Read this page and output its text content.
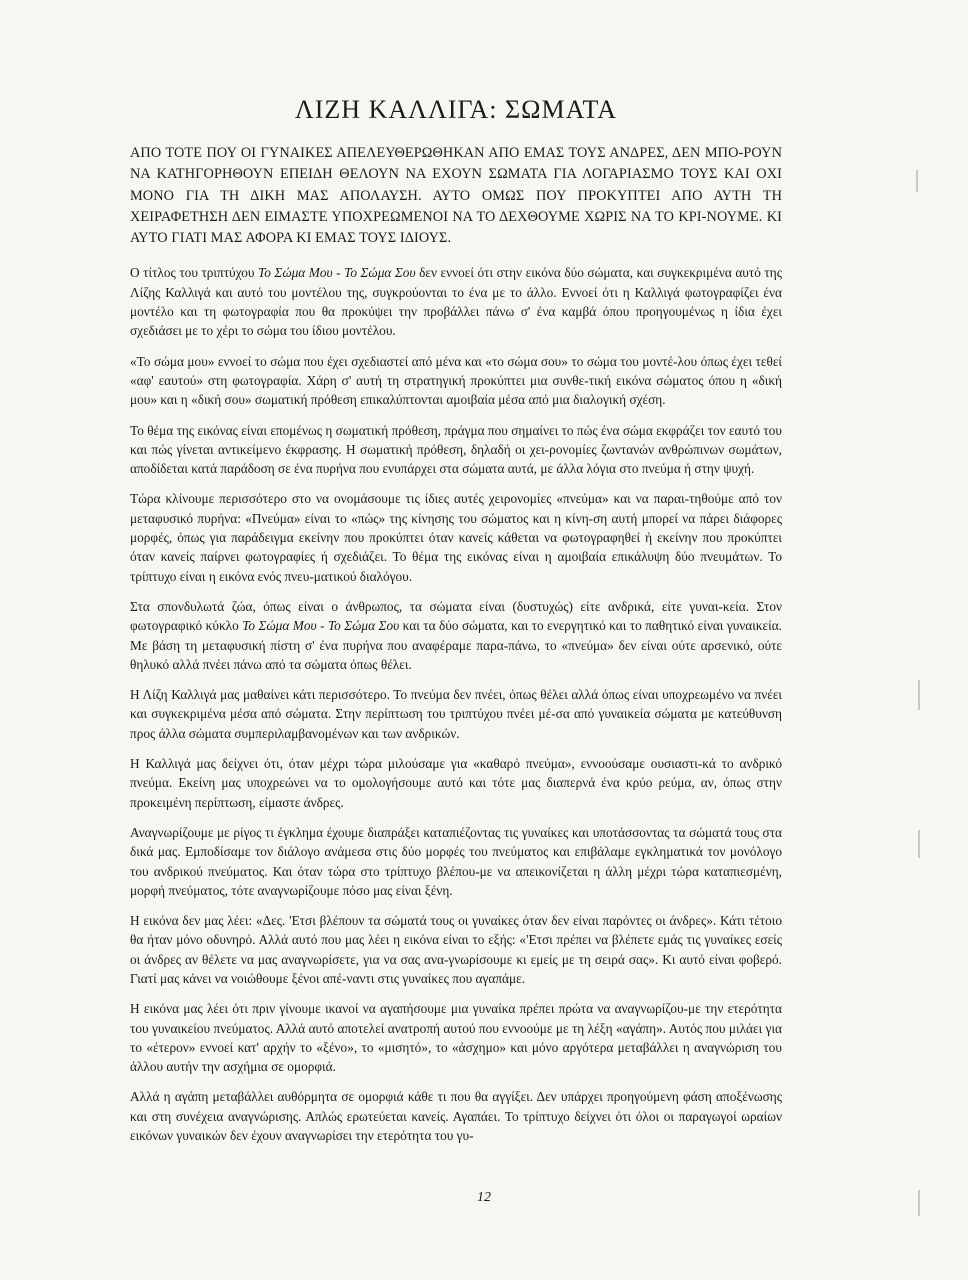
ΛΙΖΗ ΚΑΛΛΙΓΑ: ΣΩΜΑΤΑ

ΑΠΟ ΤΟΤΕ ΠΟΥ ΟΙ ΓΥΝΑΙΚΕΣ ΑΠΕΛΕΥΘΕΡΩΘΗΚΑΝ ΑΠΟ ΕΜΑΣ ΤΟΥΣ ΑΝΔΡΕΣ, ΔΕΝ ΜΠΟ-ΡΟΥΝ ΝΑ ΚΑΤΗΓΟΡΗΘΟΥΝ ΕΠΕΙΔΗ ΘΕΛΟΥΝ ΝΑ ΕΧΟΥΝ ΣΩΜΑΤΑ ΓΙΑ ΛΟΓΑΡΙΑΣΜΟ ΤΟΥΣ ΚΑΙ ΟΧΙ ΜΟΝΟ ΓΙΑ ΤΗ ΔΙΚΗ ΜΑΣ ΑΠΟΛΑΥΣΗ. ΑΥΤΟ ΟΜΩΣ ΠΟΥ ΠΡΟΚΥΠΤΕΙ ΑΠΟ ΑΥΤΗ ΤΗ ΧΕΙΡΑΦΕΤΗΣΗ ΔΕΝ ΕΙΜΑΣΤΕ ΥΠΟΧΡΕΩΜΕΝΟΙ ΝΑ ΤΟ ΔΕΧΘΟΥΜΕ ΧΩΡΙΣ ΝΑ ΤΟ ΚΡΙ-ΝΟΥΜΕ. ΚΙ ΑΥΤΟ ΓΙΑΤΙ ΜΑΣ ΑΦΟΡΑ ΚΙ ΕΜΑΣ ΤΟΥΣ ΙΔΙΟΥΣ.

Ο τίτλος του τριπτύχου Το Σώμα Μου - Το Σώμα Σου δεν εννοεί ότι στην εικόνα δύο σώματα, και συγκεκριμένα αυτό της Λίζης Καλλιγά και αυτό του μοντέλου της, συγκρούονται το ένα με το άλλο. Εννοεί ότι η Καλλιγά φωτογραφίζει ένα μοντέλο και τη φωτογραφία που θα προκύψει την προβάλλει πάνω σ' ένα καμβά όπου προηγουμένως η ίδια έχει σχεδιάσει με το χέρι το σώμα του ίδιου μοντέλου.

«Το σώμα μου» εννοεί το σώμα που έχει σχεδιαστεί από μένα και «το σώμα σου» το σώμα του μοντέ-λου όπως έχει τεθεί «αφ' εαυτού» στη φωτογραφία. Χάρη σ' αυτή τη στρατηγική προκύπτει μια συνθε-τική εικόνα σώματος όπου η «δική μου» και η «δική σου» σωματική πρόθεση επικαλύπτονται αμοιβαία μέσα από μια διαλογική σχέση.

Το θέμα της εικόνας είναι επομένως η σωματική πρόθεση, πράγμα που σημαίνει το πώς ένα σώμα εκφράζει τον εαυτό του και πώς γίνεται αντικείμενο έκφρασης. Η σωματική πρόθεση, δηλαδή οι χει-ρονομίες ζωντανών ανθρώπινων σωμάτων, αποδίδεται κατά παράδοση σε ένα πυρήνα που ενυπάρχει στα σώματα αυτά, με άλλα λόγια στο πνεύμα ή στην ψυχή.

Τώρα κλίνουμε περισσότερο στο να ονομάσουμε τις ίδιες αυτές χειρονομίες «πνεύμα» και να παραι-τηθούμε από τον μεταφυσικό πυρήνα: «Πνεύμα» είναι το «πώς» της κίνησης του σώματος και η κίνη-ση αυτή μπορεί να πάρει διάφορες μορφές, όπως για παράδειγμα εκείνην που προκύπτει όταν κανείς κάθεται να φωτογραφηθεί ή εκείνην που προκύπτει όταν κανείς παίρνει φωτογραφίες ή σχεδιάζει. Το θέμα της εικόνας είναι η αμοιβαία επικάλυψη δύο πνευμάτων. Το τρίπτυχο είναι η εικόνα ενός πνευ-ματικού διαλόγου.

Στα σπονδυλωτά ζώα, όπως είναι ο άνθρωπος, τα σώματα είναι (δυστυχώς) είτε ανδρικά, είτε γυναι-κεία. Στον φωτογραφικό κύκλο Το Σώμα Μου - Το Σώμα Σου και τα δύο σώματα, και το ενεργητικό και το παθητικό είναι γυναικεία. Με βάση τη μεταφυσική πίστη σ' ένα πυρήνα που αναφέραμε παρα-πάνω, το «πνεύμα» δεν είναι ούτε αρσενικό, ούτε θηλυκό αλλά πνέει πάνω από τα σώματα όπως θέλει.

Η Λίζη Καλλιγά μας μαθαίνει κάτι περισσότερο. Το πνεύμα δεν πνέει, όπως θέλει αλλά όπως είναι υποχρεωμένο να πνέει και συγκεκριμένα μέσα από σώματα. Στην περίπτωση του τριπτύχου πνέει μέ-σα από γυναικεία σώματα με κατεύθυνση προς άλλα σώματα συμπεριλαμβανομένων και των ανδρικών.

Η Καλλιγά μας δείχνει ότι, όταν μέχρι τώρα μιλούσαμε για «καθαρό πνεύμα», εννοούσαμε ουσιαστι-κά το ανδρικό πνεύμα. Εκείνη μας υποχρεώνει να το ομολογήσουμε αυτό και τότε μας διαπερνά ένα κρύο ρεύμα, αν, όπως στην προκειμένη περίπτωση, είμαστε άνδρες.

Αναγνωρίζουμε με ρίγος τι έγκλημα έχουμε διαπράξει καταπιέζοντας τις γυναίκες και υποτάσσοντας τα σώματά τους στα δικά μας. Εμποδίσαμε τον διάλογο ανάμεσα στις δύο μορφές του πνεύματος και επιβάλαμε εγκληματικά τον μονόλογο του ανδρικού πνεύματος. Και όταν τώρα στο τρίπτυχο βλέπου-με να απεικονίζεται η άλλη μέχρι τώρα καταπιεσμένη, μορφή πνεύματος, τότε αναγνωρίζουμε πόσο μας είναι ξένη.

Η εικόνα δεν μας λέει: «Δες. 'Ετσι βλέπουν τα σώματά τους οι γυναίκες όταν δεν είναι παρόντες οι άνδρες». Κάτι τέτοιο θα ήταν μόνο οδυνηρό. Αλλά αυτό που μας λέει η εικόνα είναι το εξής: «'Ετσι πρέπει να βλέπετε εμάς τις γυναίκες εσείς οι άνδρες αν θέλετε να μας αναγνωρίσετε, για να σας ανα-γνωρίσουμε κι εμείς με τη σειρά σας». Κι αυτό είναι φοβερό. Γιατί μας κάνει να νοιώθουμε ξένοι απέ-ναντι στις γυναίκες που αγαπάμε.

Η εικόνα μας λέει ότι πριν γίνουμε ικανοί να αγαπήσουμε μια γυναίκα πρέπει πρώτα να αναγνωρίζου-με την ετερότητα του γυναικείου πνεύματος. Αλλά αυτό αποτελεί ανατροπή αυτού που εννοούμε με τη λέξη «αγάπη». Αυτός που μιλάει για το «έτερον» εννοεί κατ' αρχήν το «ξένο», το «μισητό», το «άσχημο» και μόνο αργότερα μεταβάλλει η αναγνώριση του άλλου αυτήν την ασχήμια σε ομορφιά.

Αλλά η αγάπη μεταβάλλει αυθόρμητα σε ομορφιά κάθε τι που θα αγγίξει. Δεν υπάρχει προηγούμενη φάση αποξένωσης και στη συνέχεια αναγνώρισης. Απλώς ερωτεύεται κανείς. Αγαπάει. Το τρίπτυχο δείχνει ότι όλοι οι παραγωγοί ωραίων εικόνων γυναικών δεν έχουν αναγνωρίσει την ετερότητα του γυ-

12
